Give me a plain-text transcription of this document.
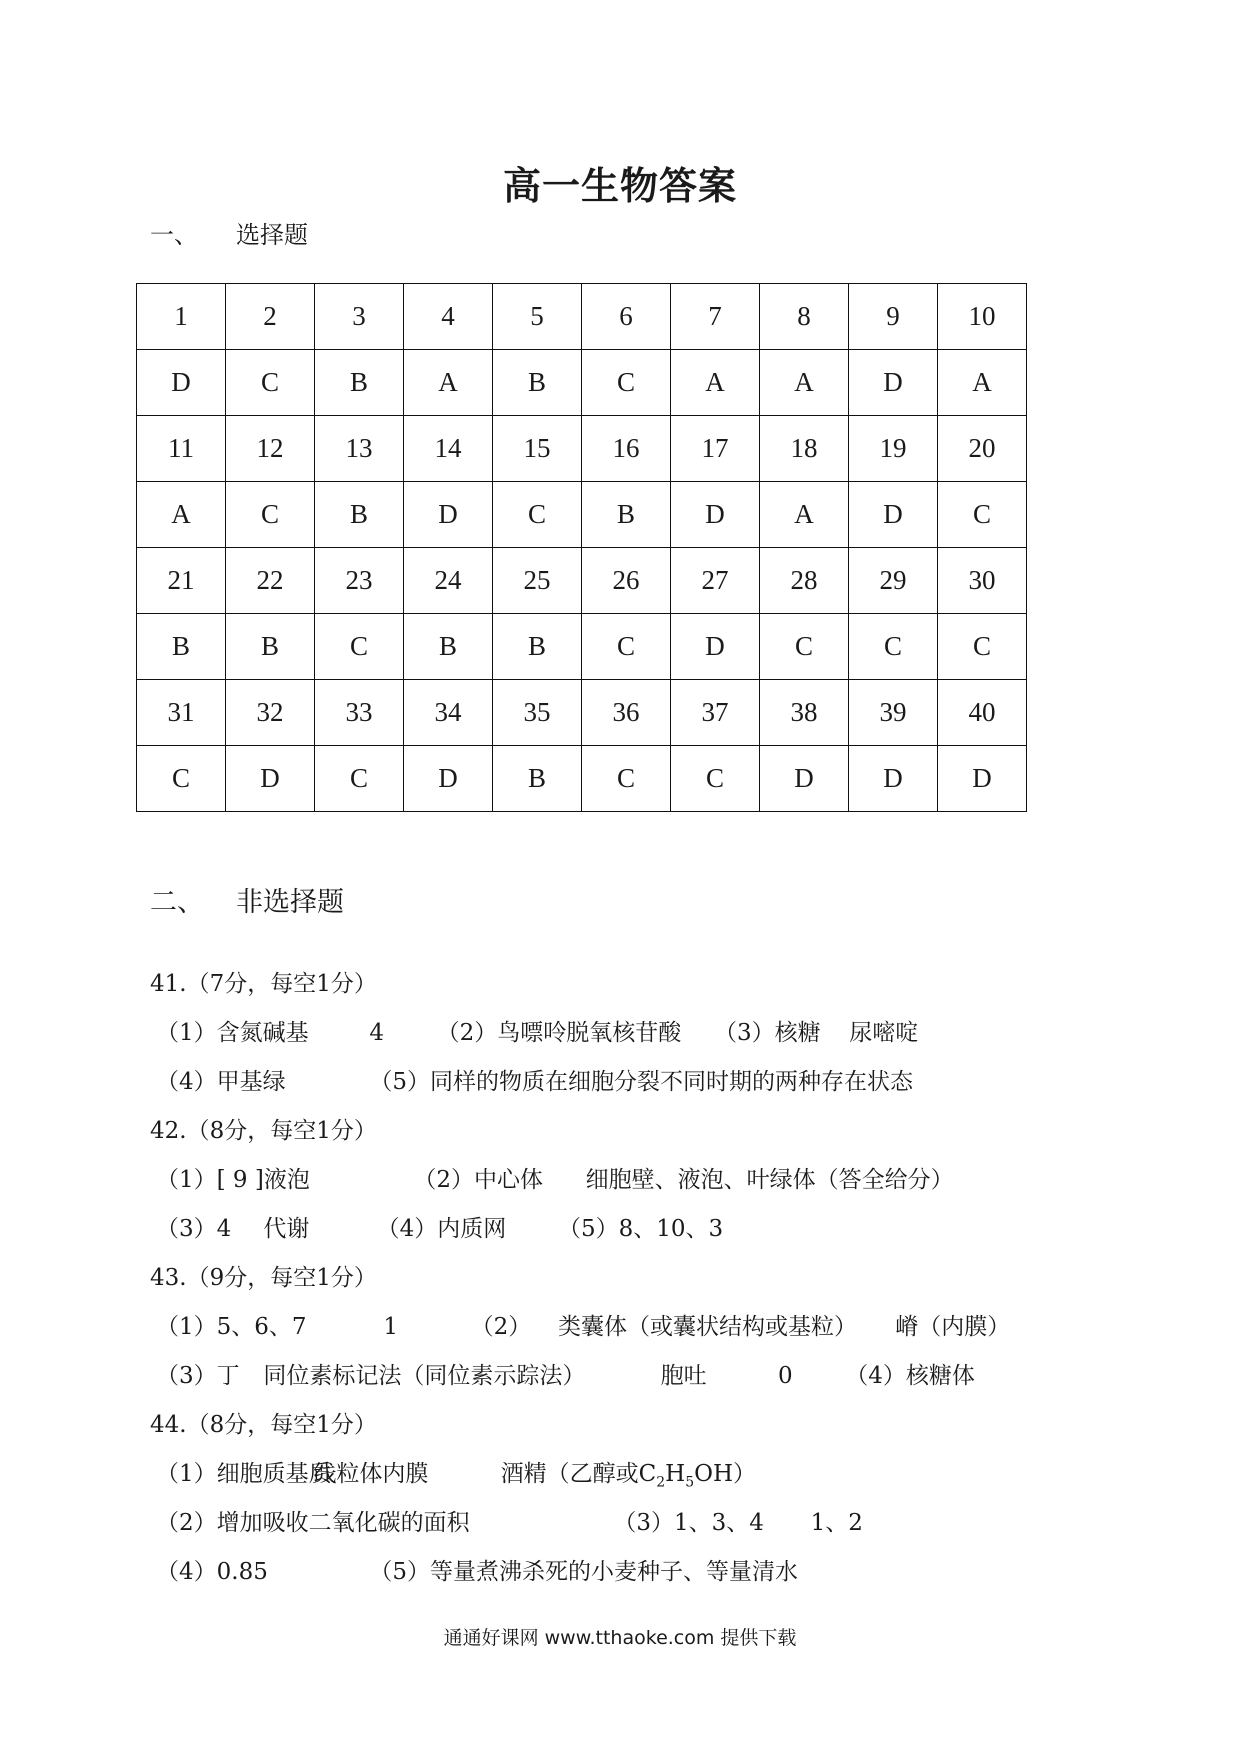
高一生物答案
一、 选择题
1	2	3	4	5	6	7	8	9	10
D	C	B	A	B	C	A	A	D	A
11	12	13	14	15	16	17	18	19	20
A	C	B	D	C	B	D	A	D	C
21	22	23	24	25	26	27	28	29	30
B	B	C	B	B	C	D	C	C	C
31	32	33	34	35	36	37	38	39	40
C	D	C	D	B	C	C	D	D	D
二、 非选择题
41.（7分，每空1分）
（1）含氮碱基	4 （2）鸟嘌呤脱氧核苷酸 （3）核糖 尿嘧啶
（4）甲基绿	（5）同样的物质在细胞分裂不同时期的两种存在状态
42.（8分，每空1分）
（1）[ 9 ]液泡	（2）中心体 细胞壁、液泡、叶绿体（答全给分）
（3）4 代谢	（4）内质网 （5）8、10、3
43.（9分，每空1分）
（1）5、6、7	1	（2） 类囊体（或囊状结构或基粒） 嵴（内膜）
（3）丁 同位素标记法（同位素示踪法）	胞吐	0 （4）核糖体
44.（8分，每空1分）
（1）细胞质基质 线粒体内膜	酒精（乙醇或$C_2H_5OH$）
（2）增加吸收二氧化碳的面积	（3）1、3、4 1、2
（4）0.85	（5）等量煮沸杀死的小麦种子、等量清水
通通好课网 www.tthaoke.com 提供下载
